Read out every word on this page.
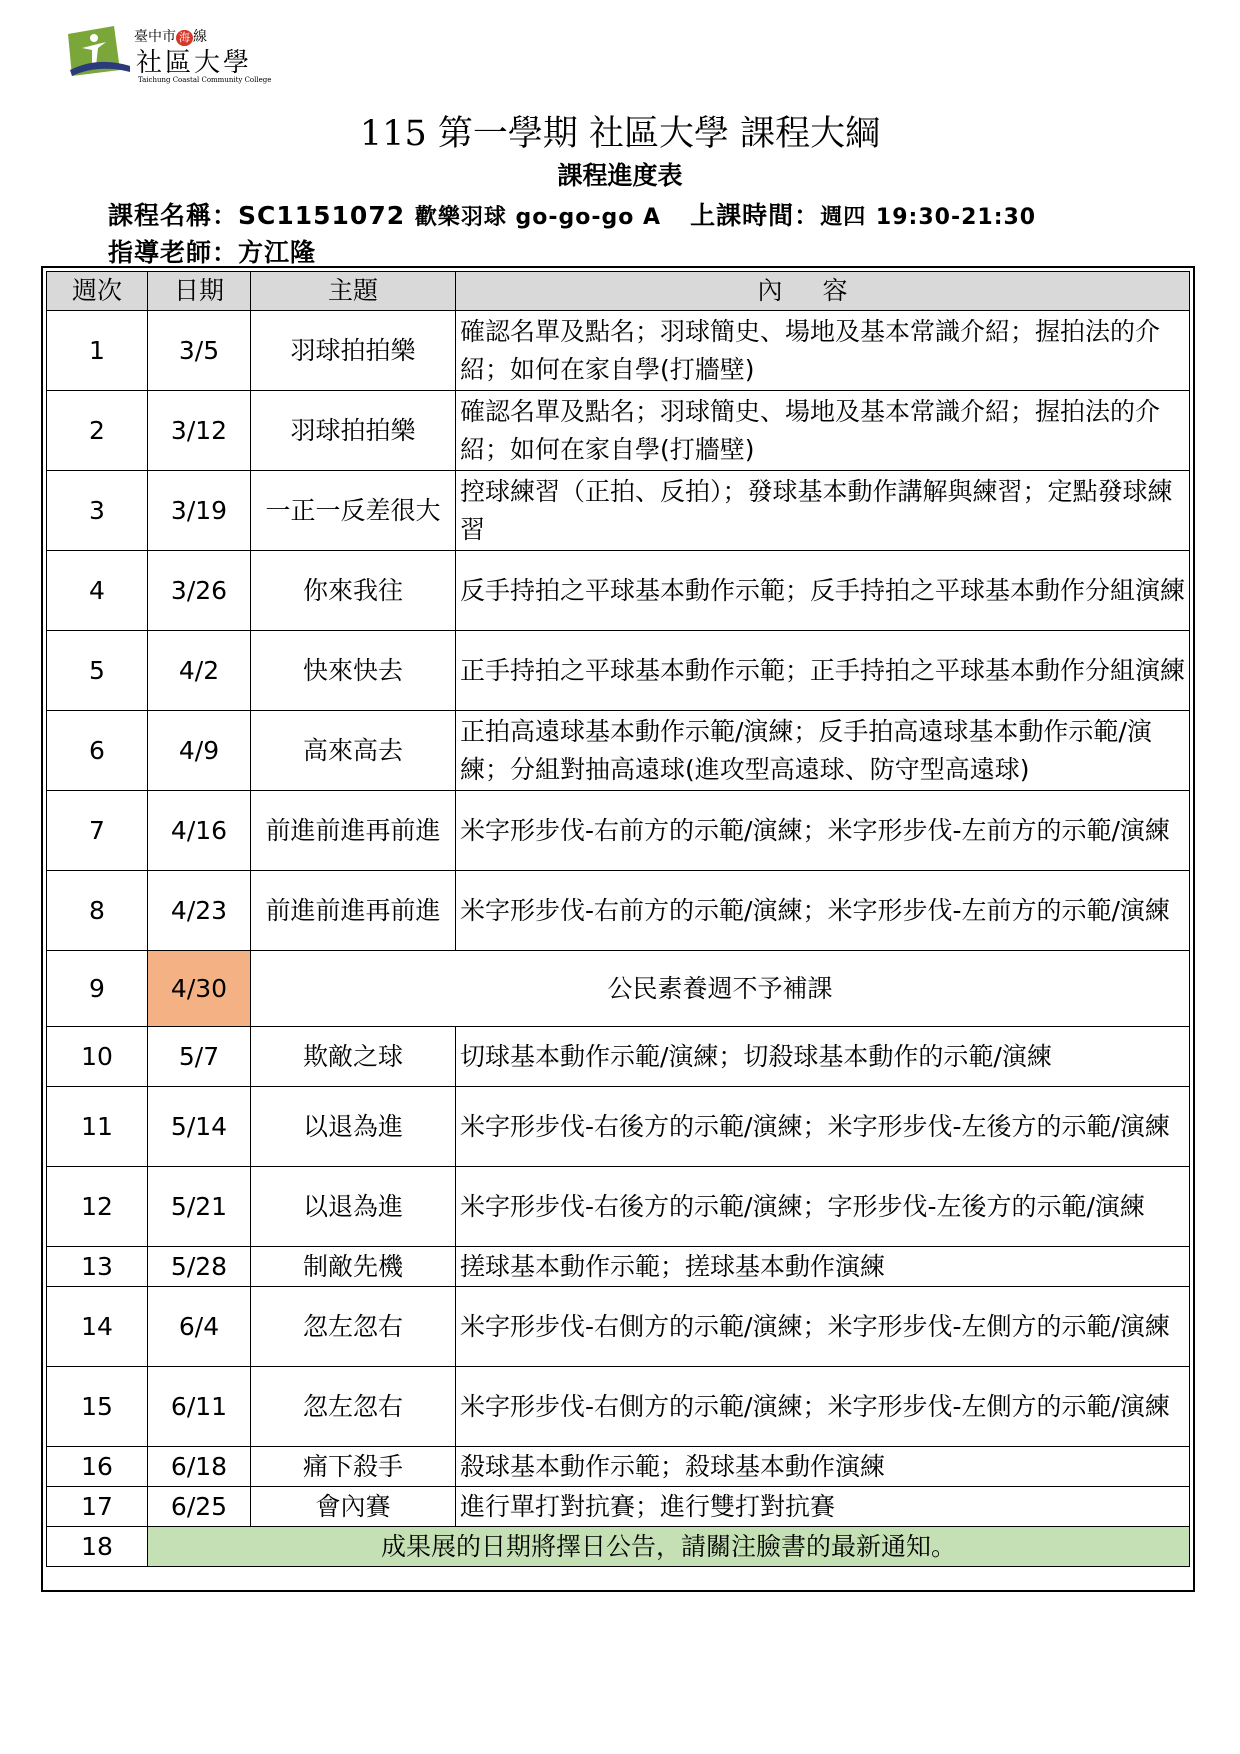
臺中市 海 線
社區大學
Taichung Coastal Community College
115 第一學期 社區大學 課程大綱
課程進度表
課程名稱：SC1151072 歡樂羽球 go-go-go A 上課時間：週四 19:30-21:30
指導老師：方江隆
週次	日期	主題	內容
1	3/5	羽球拍拍樂	確認名單及點名；羽球簡史、場地及基本常識介紹；握拍法的介紹；如何在家自學(打牆壁)
2	3/12	羽球拍拍樂	確認名單及點名；羽球簡史、場地及基本常識介紹；握拍法的介紹；如何在家自學(打牆壁)
3	3/19	一正一反差很大	控球練習（正拍、反拍）；發球基本動作講解與練習；定點發球練習
4	3/26	你來我往	反手持拍之平球基本動作示範；反手持拍之平球基本動作分組演練
5	4/2	快來快去	正手持拍之平球基本動作示範；正手持拍之平球基本動作分組演練
6	4/9	高來高去	正拍高遠球基本動作示範/演練；反手拍高遠球基本動作示範/演練；分組對抽高遠球(進攻型高遠球、防守型高遠球)
7	4/16	前進前進再前進	米字形步伐-右前方的示範/演練；米字形步伐-左前方的示範/演練
8	4/23	前進前進再前進	米字形步伐-右前方的示範/演練；米字形步伐-左前方的示範/演練
9	4/30	公民素養週不予補課	
10	5/7	欺敵之球	切球基本動作示範/演練；切殺球基本動作的示範/演練
11	5/14	以退為進	米字形步伐-右後方的示範/演練；米字形步伐-左後方的示範/演練
12	5/21	以退為進	米字形步伐-右後方的示範/演練；字形步伐-左後方的示範/演練
13	5/28	制敵先機	搓球基本動作示範；搓球基本動作演練
14	6/4	忽左忽右	米字形步伐-右側方的示範/演練；米字形步伐-左側方的示範/演練
15	6/11	忽左忽右	米字形步伐-右側方的示範/演練；米字形步伐-左側方的示範/演練
16	6/18	痛下殺手	殺球基本動作示範；殺球基本動作演練
17	6/25	會內賽	進行單打對抗賽；進行雙打對抗賽
18	成果展的日期將擇日公告，請關注臉書的最新通知。		
